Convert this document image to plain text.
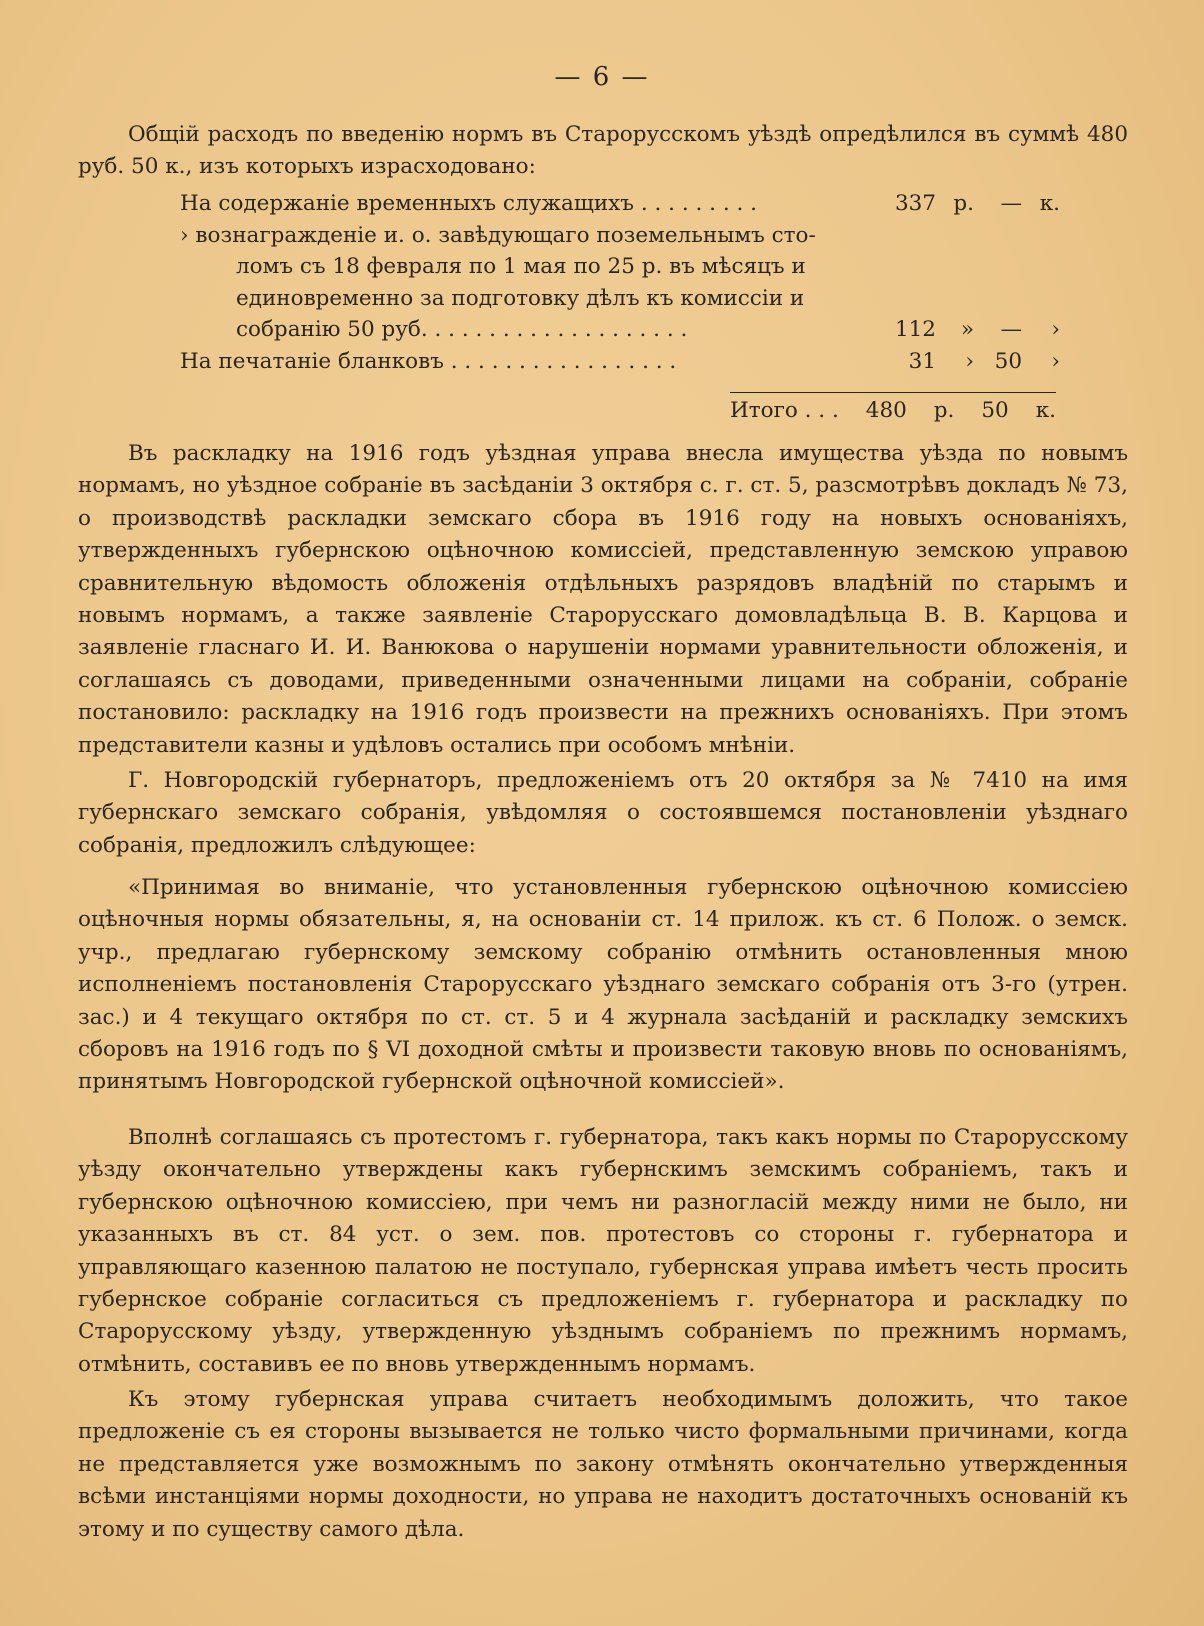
— 6 —

Общій расходъ по введенію нормъ въ Старорусскомъ уѣздѣ опредѣлился въ суммѣ 480 руб. 50 к., изъ которыхъ израсходовано:

На содержаніе временныхъ служащихъ . . . . . . . . .	337 р.	— к.
› вознагражденіе и. о. завѣдующаго поземельнымъ сто-
ломъ съ 18 февраля по 1 мая по 25 р. въ мѣсяцъ и единовременно за подготовку дѣлъ къ комиссіи и собранію 50 руб. . . . . . . . . . . . . . . . . . . .	112	»	—	›
На печатаніе бланковъ . . . . . . . . . . . . . . . . .	31	› 50	›
Итого . . . 480 р. 50 к.

Въ раскладку на 1916 годъ уѣздная управа внесла имущества уѣзда по новымъ нормамъ, но уѣздное собраніе въ засѣданіи 3 октября с. г. ст. 5, разсмотрѣвъ докладъ № 73, о производствѣ раскладки земскаго сбора въ 1916 году на новыхъ основаніяхъ, утвержденныхъ губернскою оцѣночною комиссіей, представленную земскою управою сравнительную вѣдомость обложенія отдѣльныхъ разрядовъ владѣній по старымъ и новымъ нормамъ, а также заявленіе Старорусскаго домовладѣльца В. В. Карцова и заявленіе гласнаго И. И. Ванюкова о нарушеніи нормами уравнительности обложенія, и соглашаясь съ доводами, приведенными означенными лицами на собраніи, собраніе постановило: раскладку на 1916 годъ произвести на прежнихъ основаніяхъ. При этомъ представители казны и удѣловъ остались при особомъ мнѣніи.

Г. Новгородскій губернаторъ, предложеніемъ отъ 20 октября за № 7410 на имя губернскаго земскаго собранія, увѣдомляя о состоявшемся постановленіи уѣзднаго собранія, предложилъ слѣдующее:

«Принимая во вниманіе, что установленныя губернскою оцѣночною комиссіею оцѣночныя нормы обязательны, я, на основаніи ст. 14 прилож. къ ст. 6 Полож. о земск. учр., предлагаю губернскому земскому собранію отмѣнить остановленныя мною исполненіемъ постановленія Старорусскаго уѣзднаго земскаго собранія отъ 3-го (утрен. зас.) и 4 текущаго октября по ст. ст. 5 и 4 журнала засѣданій и раскладку земскихъ сборовъ на 1916 годъ по § VI доходной смѣты и произвести таковую вновь по основаніямъ, принятымъ Новгородской губернской оцѣночной комиссіей».

Вполнѣ соглашаясь съ протестомъ г. губернатора, такъ какъ нормы по Старорусскому уѣзду окончательно утверждены какъ губернскимъ земскимъ собраніемъ, такъ и губернскою оцѣночною комиссіею, при чемъ ни разногласій между ними не было, ни указанныхъ въ ст. 84 уст. о зем. пов. протестовъ со стороны г. губернатора и управляющаго казенною палатою не поступало, губернская управа имѣетъ честь просить губернское собраніе согласиться съ предложеніемъ г. губернатора и раскладку по Старорусскому уѣзду, утвержденную уѣзднымъ собраніемъ по прежнимъ нормамъ, отмѣнить, составивъ ее по вновь утвержденнымъ нормамъ.

Къ этому губернская управа считаетъ необходимымъ доложить, что такое предложеніе съ ея стороны вызывается не только чисто формальными причинами, когда не представляется уже возможнымъ по закону отмѣнять окончательно утвержденныя всѣми инстанціями нормы доходности, но управа не находитъ достаточныхъ основаній къ этому и по существу самого дѣла.
